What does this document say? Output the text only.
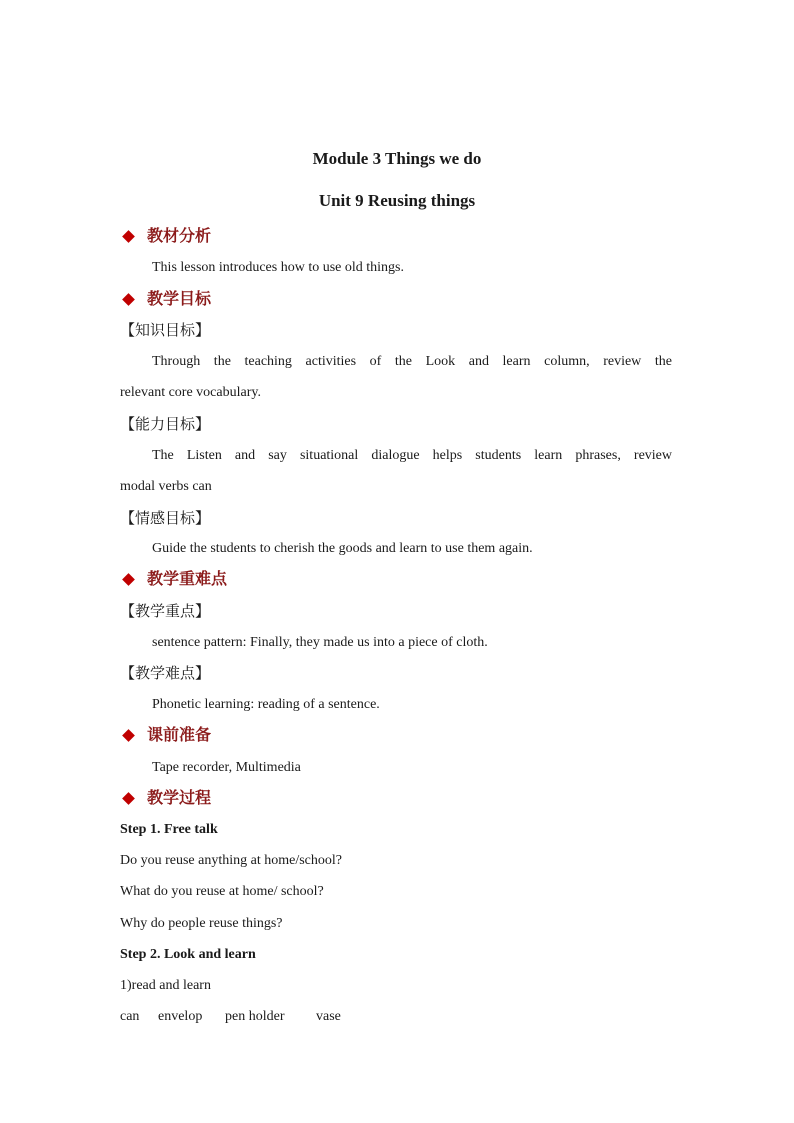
Module 3 Things we do
Unit 9 Reusing things
教材分析
This lesson introduces how to use old things.
教学目标
【知识目标】
Through the teaching activities of the Look and learn column, review the
relevant core vocabulary.
【能力目标】
The Listen and say situational dialogue helps students learn phrases, review
modal verbs can
【情感目标】
Guide the students to cherish the goods and learn to use them again.
教学重难点
【教学重点】
sentence pattern: Finally, they made us into a piece of cloth.
【教学难点】
Phonetic learning: reading of a sentence.
课前准备
Tape recorder, Multimedia
教学过程
Step 1. Free talk
Do you reuse anything at home/school?
What do you reuse at home/ school?
Why do people reuse things?
Step 2. Look and learn
1)read and learn
can envelop pen holder vase
